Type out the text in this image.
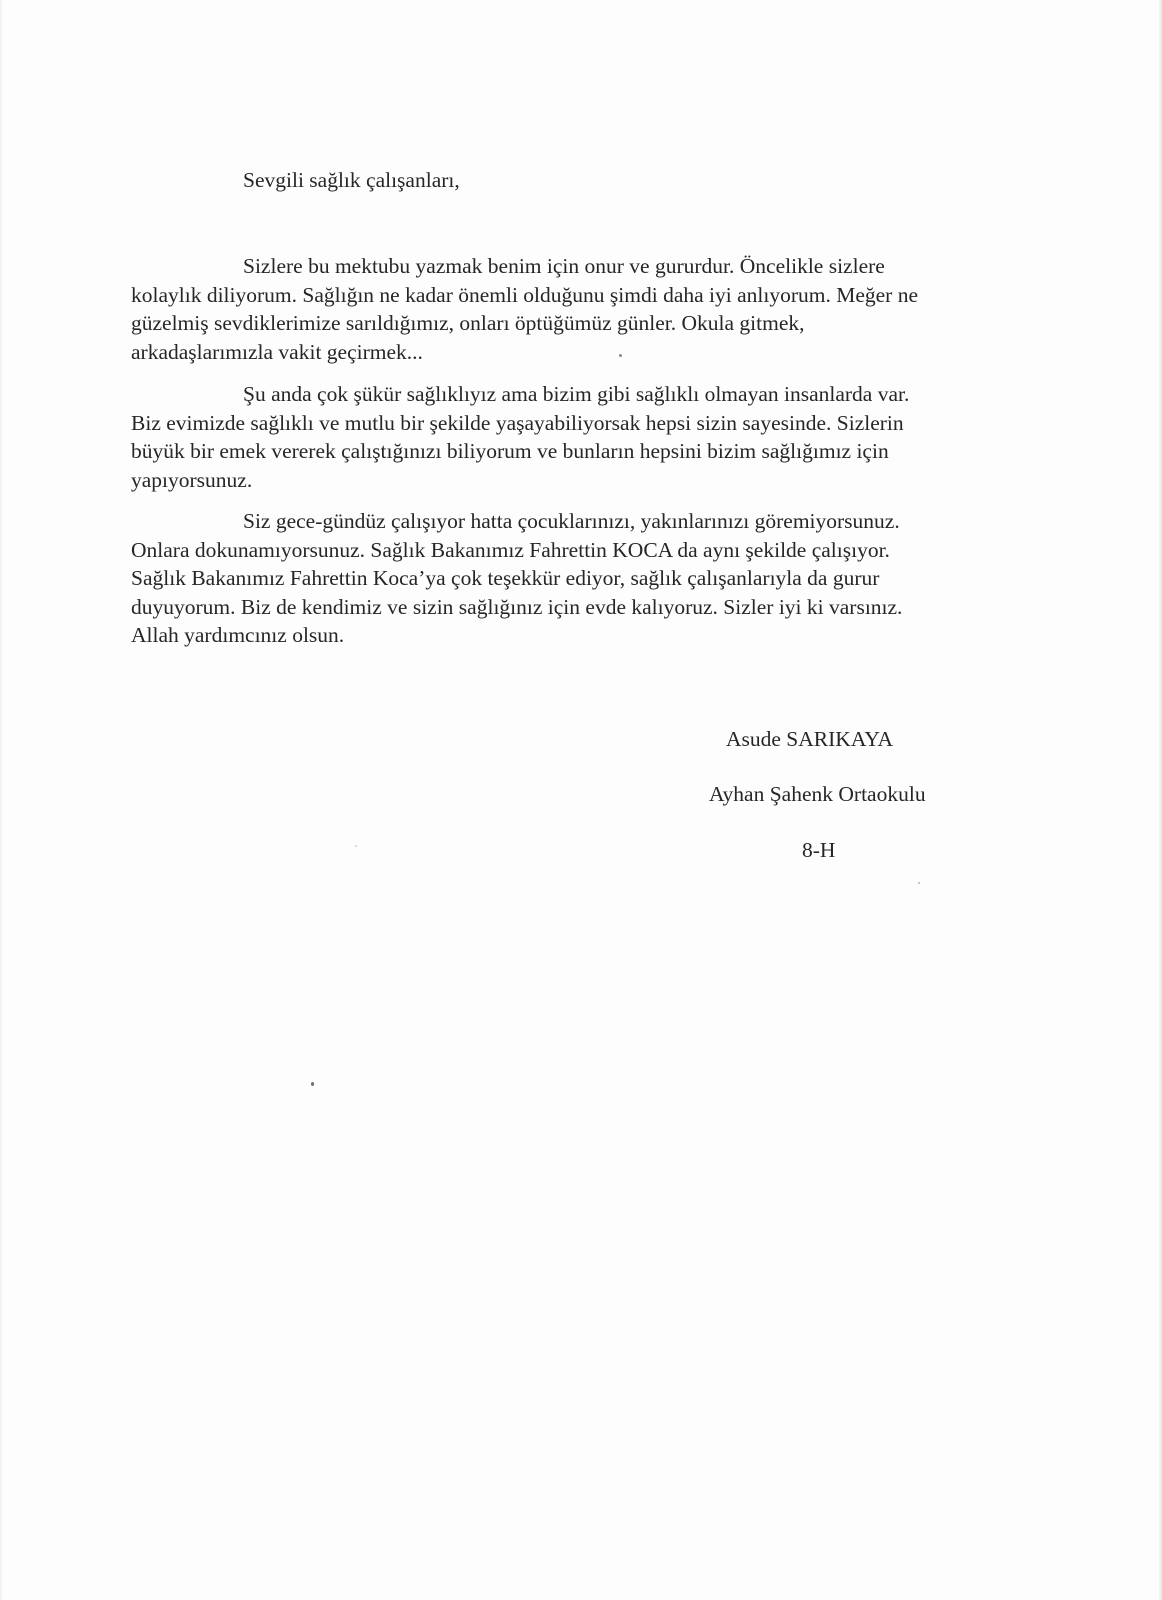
Sevgili sağlık çalışanları,

Sizlere bu mektubu yazmak benim için onur ve gururdur. Öncelikle sizlere
kolaylık diliyorum. Sağlığın ne kadar önemli olduğunu şimdi daha iyi anlıyorum. Meğer ne
güzelmiş sevdiklerimize sarıldığımız, onları öptüğümüz günler. Okula gitmek,
arkadaşlarımızla vakit geçirmek...

Şu anda çok şükür sağlıklıyız ama bizim gibi sağlıklı olmayan insanlarda var.
Biz evimizde sağlıklı ve mutlu bir şekilde yaşayabiliyorsak hepsi sizin sayesinde. Sizlerin
büyük bir emek vererek çalıştığınızı biliyorum ve bunların hepsini bizim sağlığımız için
yapıyorsunuz.

Siz gece-gündüz çalışıyor hatta çocuklarınızı, yakınlarınızı göremiyorsunuz.
Onlara dokunamıyorsunuz. Sağlık Bakanımız Fahrettin KOCA da aynı şekilde çalışıyor.
Sağlık Bakanımız Fahrettin Koca’ya çok teşekkür ediyor, sağlık çalışanlarıyla da gurur
duyuyorum. Biz de kendimiz ve sizin sağlığınız için evde kalıyoruz. Sizler iyi ki varsınız.
Allah yardımcınız olsun.

Asude SARIKAYA

Ayhan Şahenk Ortaokulu

8-H
